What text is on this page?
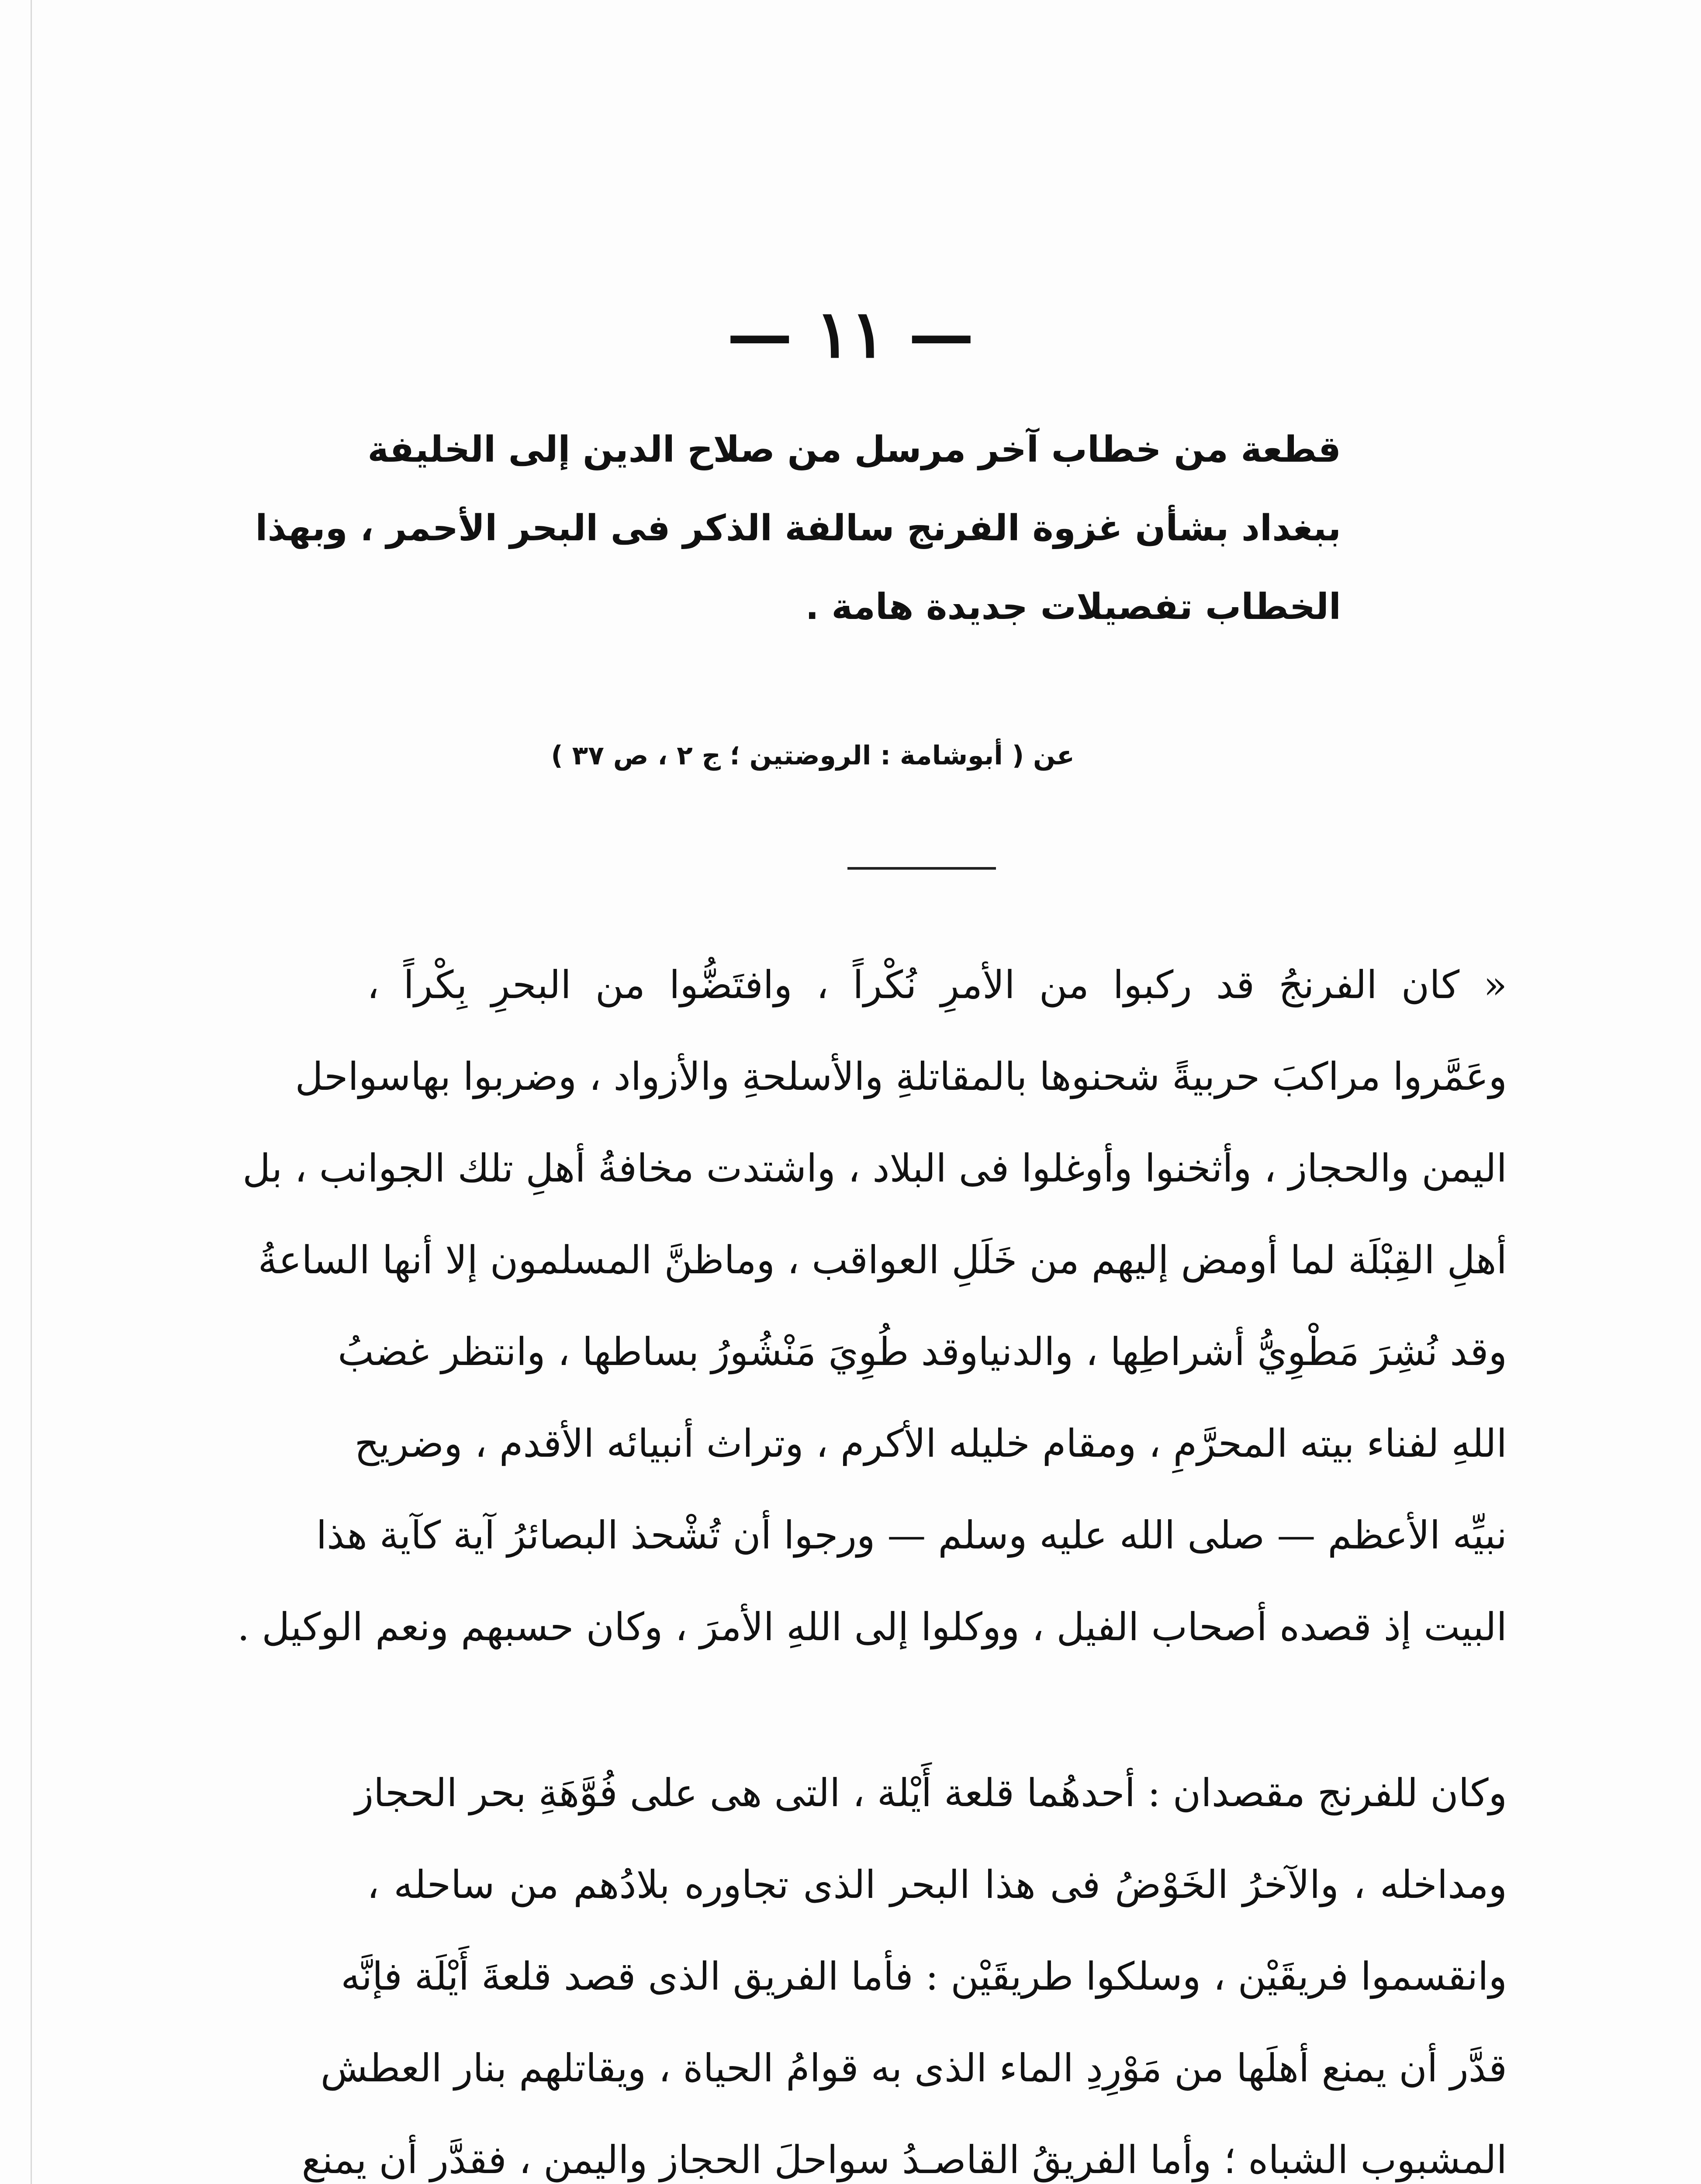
— ١١ —
قطعة من خطاب آخر مرسل من صلاح الدين إلى الخليفة
ببغداد بشأن غزوة الفرنج سالفة الذكر فى البحر الأحمر ، وبهذا
الخطاب تفصيلات جديدة هامة .
عن ( أبوشامة : الروضتين ؛ ج ٢ ، ص ٣٧ )
« كان الفرنجُ قد ركبوا من الأمرِ نُكْراً ، وافتَضُّوا من البحرِ بِكْراً ،
وعَمَّروا مراكبَ حربيةً شحنوها بالمقاتلةِ والأسلحةِ والأزواد ، وضربوا بهاسواحل
اليمن والحجاز ، وأثخنوا وأوغلوا فى البلاد ، واشتدت مخافةُ أهلِ تلك الجوانب ، بل
أهلِ القِبْلَة لما أومض إليهم من خَلَلِ العواقب ، وماظنَّ المسلمون إلا أنها الساعةُ
وقد نُشِرَ مَطْوِيُّ أشراطِها ، والدنياوقد طُوِيَ مَنْشُورُ بساطها ، وانتظر غضبُ
اللهِ لفناء بيته المحرَّمِ ، ومقام خليله الأكرم ، وتراث أنبيائه الأقدم ، وضريح
نبيِّه الأعظم — صلى الله عليه وسلم — ورجوا أن تُشْحذ البصائرُ آية كآية هذا
البيت إذ قصده أصحاب الفيل ، ووكلوا إلى اللهِ الأمرَ ، وكان حسبهم ونعم الوكيل .
وكان للفرنج مقصدان : أحدهُما قلعة أَيْلة ، التى هى على فُوَّهَةِ بحر الحجاز
ومداخله ، والآخرُ الخَوْضُ فى هذا البحر الذى تجاوره بلادُهم من ساحله ،
وانقسموا فريقَيْن ، وسلكوا طريقَيْن : فأما الفريق الذى قصد قلعةَ أَيْلَة فإنَّه
قدَّر أن يمنع أهلَها من مَوْرِدِ الماء الذى به قوامُ الحياة ، ويقاتلهم بنار العطش
المشبوب الشباه ؛ وأما الفريقُ القاصـدُ سواحلَ الحجاز واليمن ، فقدَّر أن يمنع
